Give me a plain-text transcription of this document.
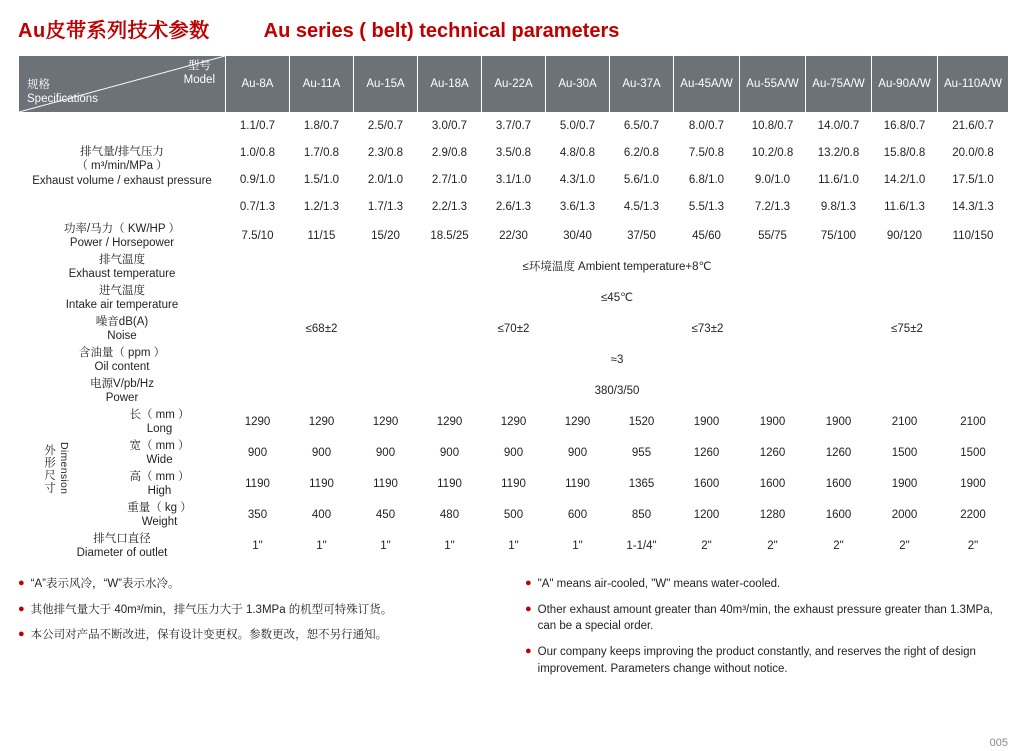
Au皮带系列技术参数	Au series ( belt) technical parameters
规格
Specifications
型号
Model		Au-8A	Au-11A	Au-15A	Au-18A	Au-22A	Au-30A	Au-37A	Au-45A/W	Au-55A/W	Au-75A/W	Au-90A/W	Au-110A/W

排气量/排气压力
（ m³/min/MPa ）
Exhaust volume / exhaust pressure		1.1/0.7	1.8/0.7	2.5/0.7	3.0/0.7	3.7/0.7	5.0/0.7	6.5/0.7	8.0/0.7	10.8/0.7	14.0/0.7	16.8/0.7	21.6/0.7
		1.0/0.8	1.7/0.8	2.3/0.8	2.9/0.8	3.5/0.8	4.8/0.8	6.2/0.8	7.5/0.8	10.2/0.8	13.2/0.8	15.8/0.8	20.0/0.8
		0.9/1.0	1.5/1.0	2.0/1.0	2.7/1.0	3.1/1.0	4.3/1.0	5.6/1.0	6.8/1.0	9.0/1.0	11.6/1.0	14.2/1.0	17.5/1.0
		0.7/1.3	1.2/1.3	1.7/1.3	2.2/1.3	2.6/1.3	3.6/1.3	4.5/1.3	5.5/1.3	7.2/1.3	9.8/1.3	11.6/1.3	14.3/1.3

功率/马力（ KW/HP ）
Power / Horsepower		7.5/10	11/15	15/20	18.5/25	22/30	30/40	37/50	45/60	55/75	75/100	90/120	110/150

排气温度
Exhaust temperature		≤环境温度 Ambient temperature+8℃											

进气温度
Intake air temperature		≤45℃											

噪音dB(A)
Noise		≤68±2			≤70±2			≤73±2			≤75±2		

含油量（ ppm ）
Oil content		≈3											

电源V/pb/Hz
Power		380/3/50											

外形尺寸 Dimension

长（ mm ）
Long
	1290	1290	1290	1290	1290	1290	1520	1900	1900	1900	2100	2100

	宽（ mm ）
Wide	900	900	900	900	900	900	955	1260	1260	1260	1500	1500

	高（ mm ）
High	1190	1190	1190	1190	1190	1190	1365	1600	1600	1600	1900	1900

	重量（ kg ）
Weight	350	400	450	480	500	600	850	1200	1280	1600	2000	2200

排气口直径
Diameter of outlet		1"	1"	1"	1"	1"	1"	1-1/4"	2"	2"	2"	2"	2"
● “A”表示风冷，“W”表示水冷。
● 其他排气量大于 40m³/min，排气压力大于 1.3MPa 的机型可特殊订货。
● 本公司对产品不断改进，保有设计变更权。参数更改，恕不另行通知。
● "A" means air-cooled, "W" means water-cooled.
● Other exhaust amount greater than 40m³/min, the exhaust pressure greater than 1.3MPa, can be a special order.
● Our company keeps improving the product constantly, and reserves the right of design improvement. Parameters change without notice.
005
